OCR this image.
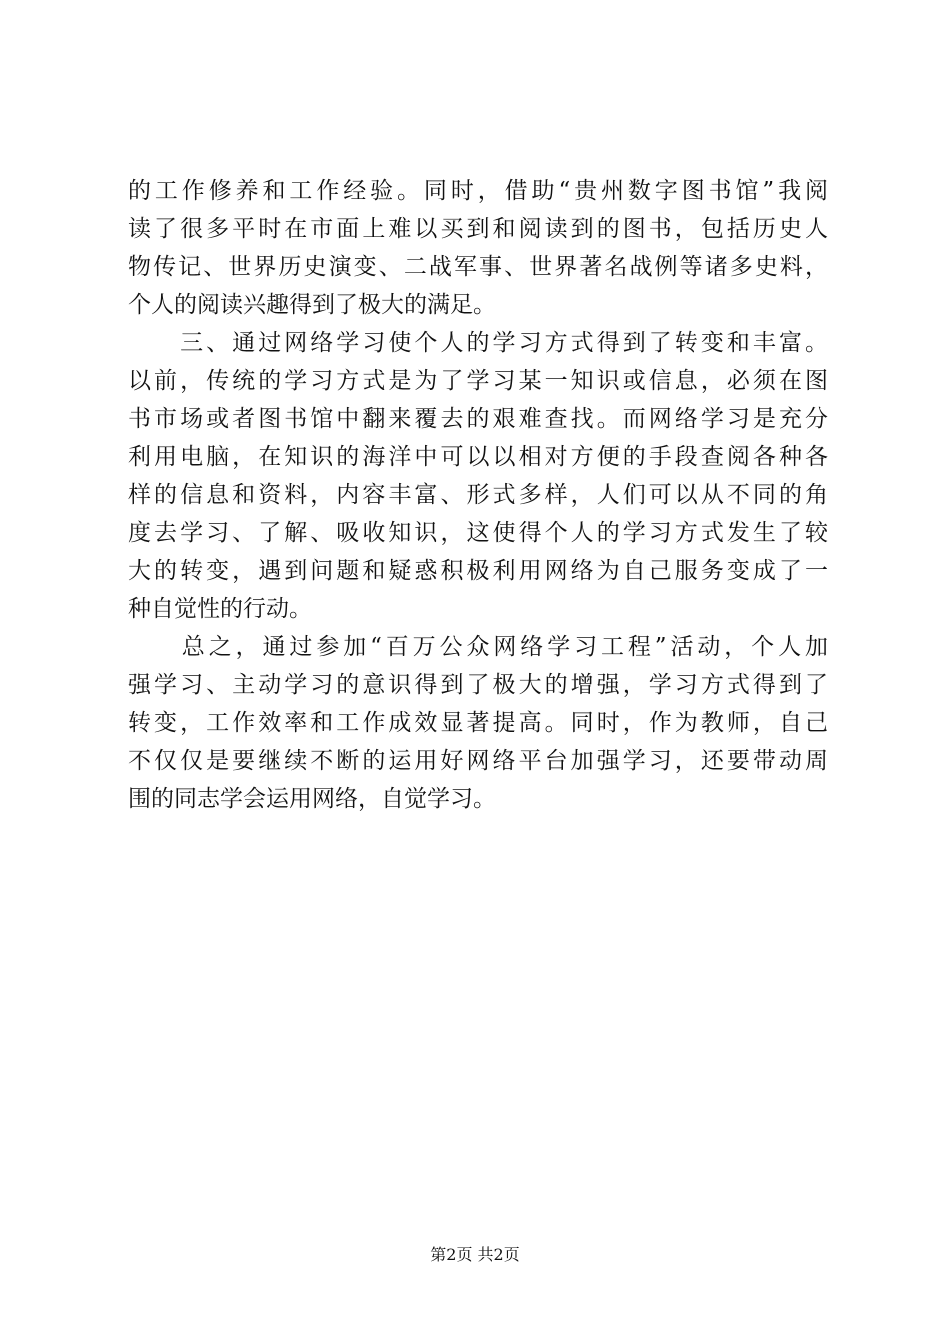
的工作修养和工作经验。同时，借助“贵州数字图书馆”我阅
读了很多平时在市面上难以买到和阅读到的图书，包括历史人
物传记、世界历史演变、二战军事、世界著名战例等诸多史料，
个人的阅读兴趣得到了极大的满足。
　　三、通过网络学习使个人的学习方式得到了转变和丰富。
以前，传统的学习方式是为了学习某一知识或信息，必须在图
书市场或者图书馆中翻来覆去的艰难查找。而网络学习是充分
利用电脑，在知识的海洋中可以以相对方便的手段查阅各种各
样的信息和资料，内容丰富、形式多样，人们可以从不同的角
度去学习、了解、吸收知识，这使得个人的学习方式发生了较
大的转变，遇到问题和疑惑积极利用网络为自己服务变成了一
种自觉性的行动。
　　总之，通过参加“百万公众网络学习工程”活动，个人加
强学习、主动学习的意识得到了极大的增强，学习方式得到了
转变，工作效率和工作成效显著提高。同时，作为教师，自己
不仅仅是要继续不断的运用好网络平台加强学习，还要带动周
围的同志学会运用网络，自觉学习。
第2页 共2页
